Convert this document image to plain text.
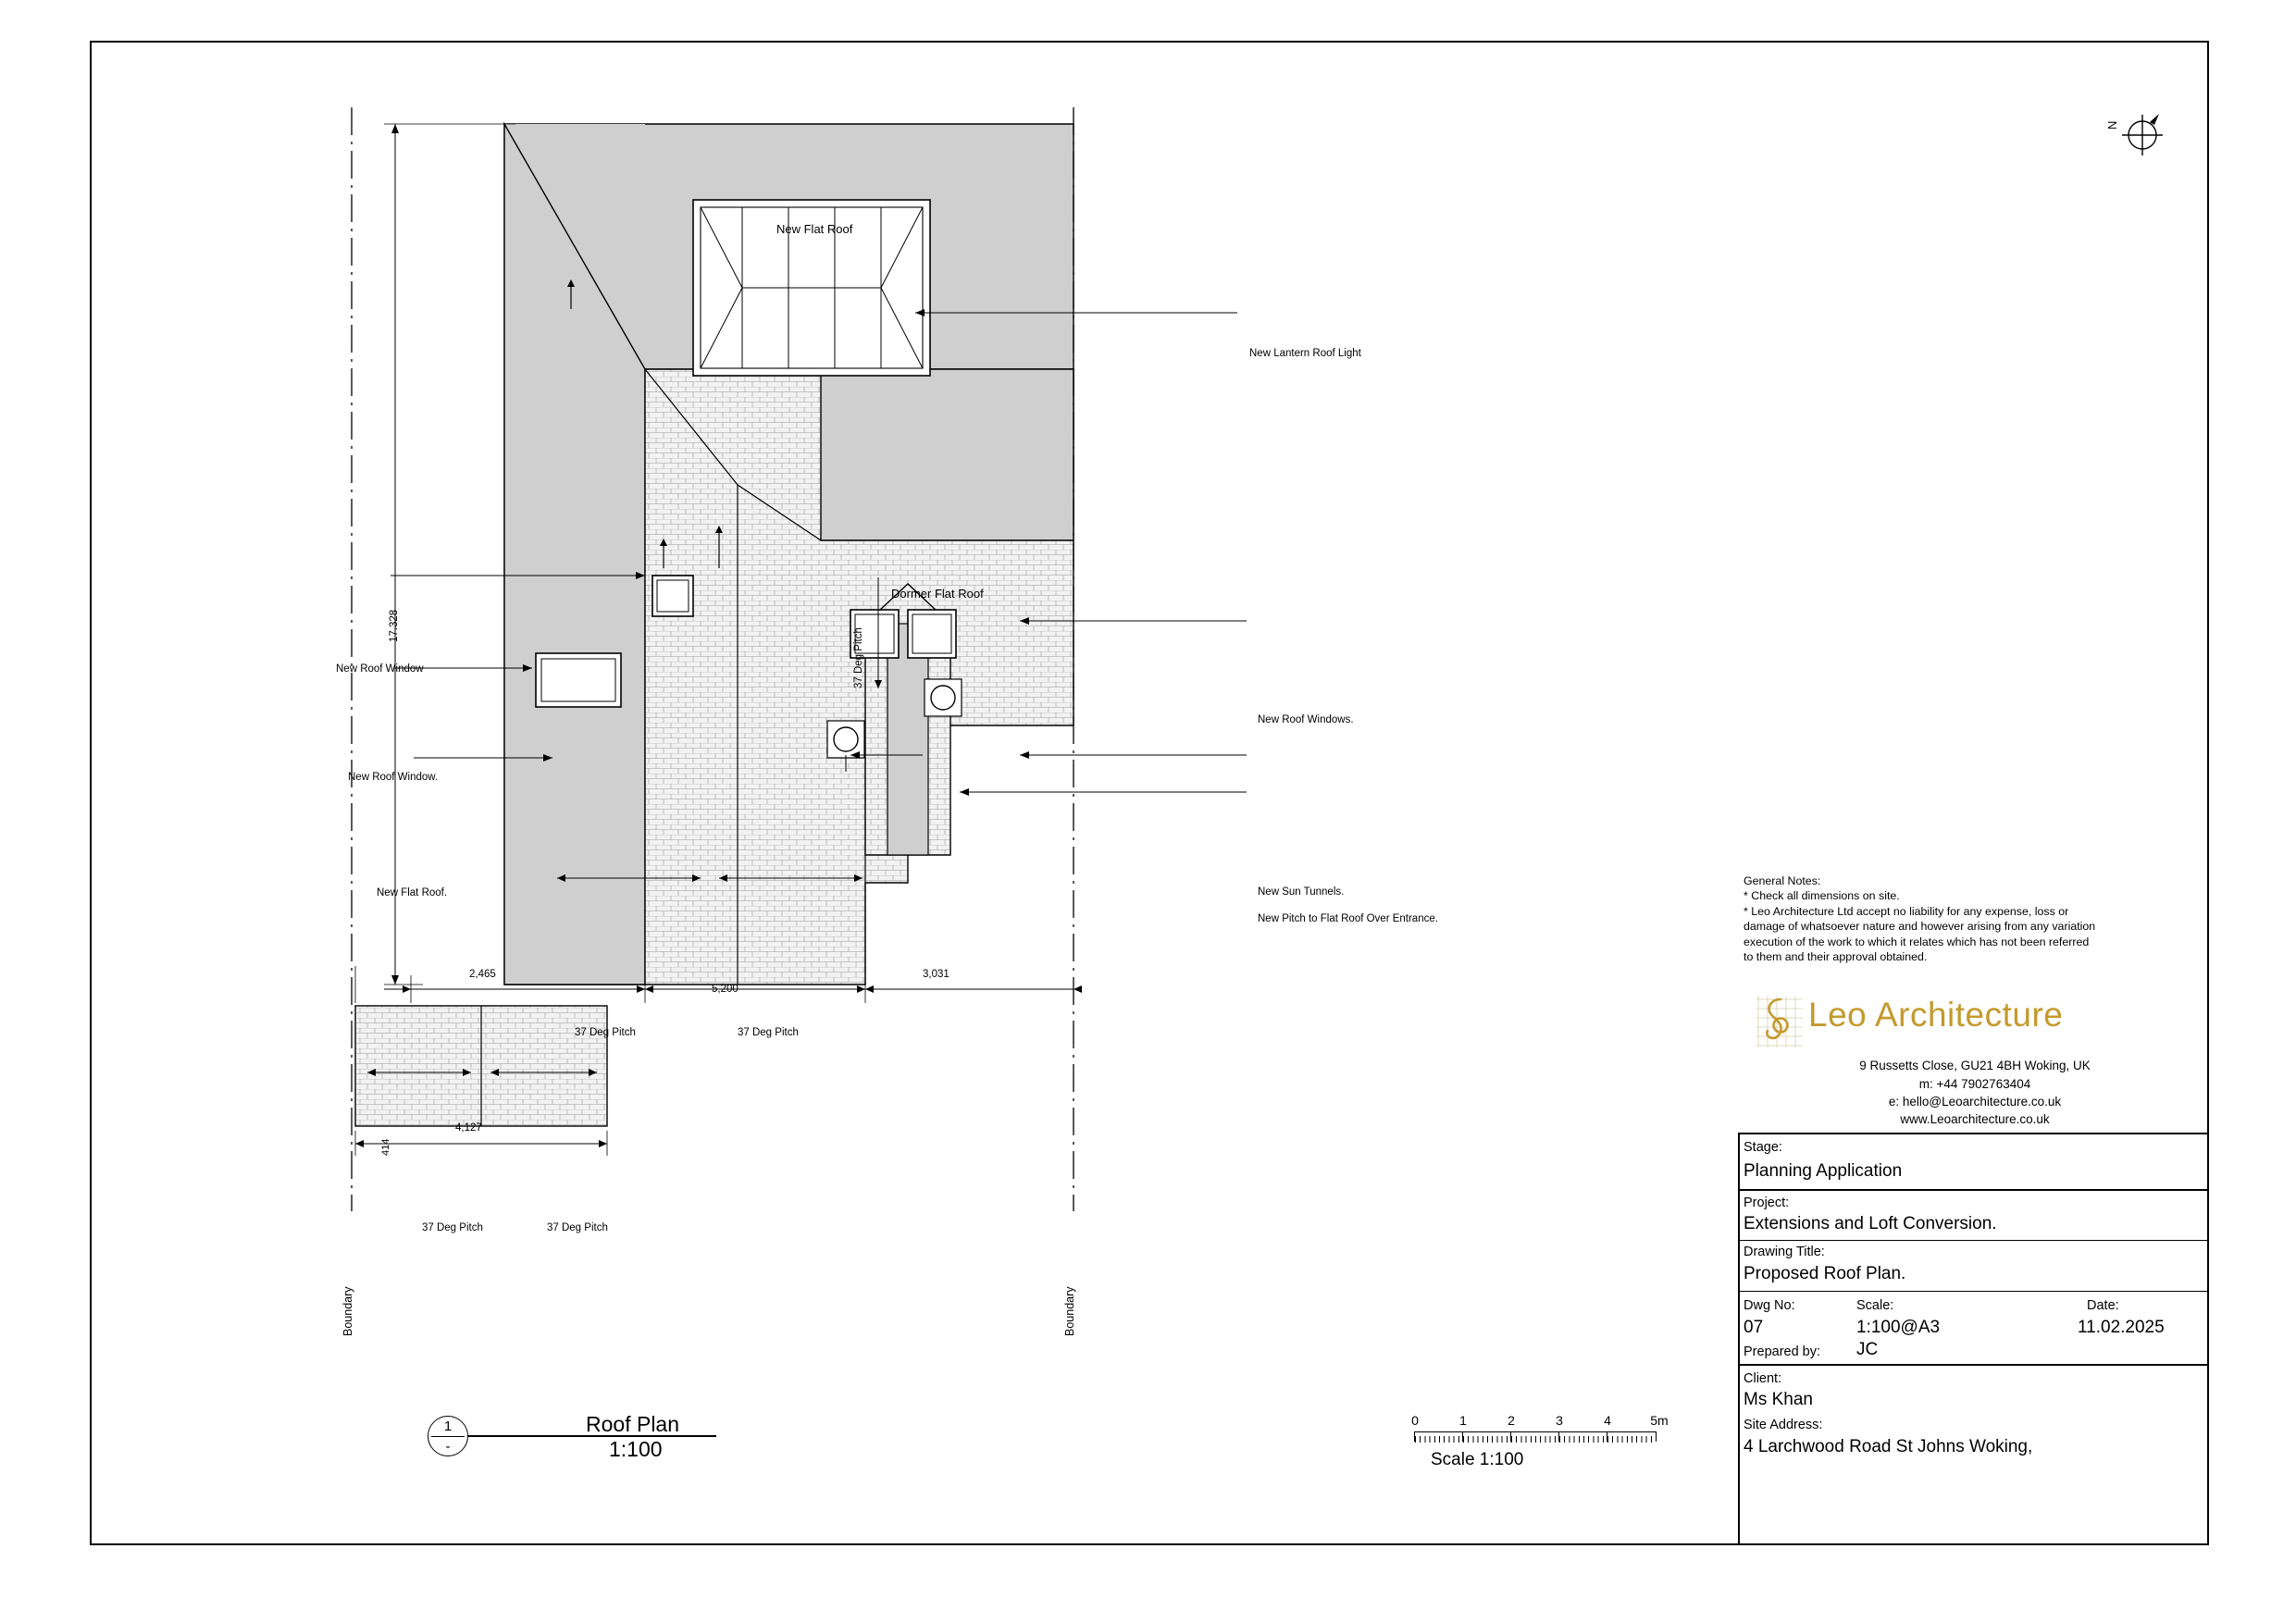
New Flat Roof
Dormer Flat Roof
New Lantern Roof Light
New Roof Windows.
New Sun Tunnels.
New Pitch to Flat Roof Over Entrance.
New Roof Window
New Roof Window.
New Flat Roof.
37 Deg Pitch	37 Deg Pitch
37 Deg Pitch	37 Deg Pitch
37 Deg Pitch
17.328
414
2,465
5,200
3,031
4,127
Boundary	Boundary
N
1
-
Roof Plan
1:100
0	1	2	3	4	5m
Scale 1:100
General Notes:
* Check all dimensions on site.
* Leo Architecture Ltd accept no liability for any expense, loss or
damage of whatsoever nature and however arising from any variation
execution of the work to which it relates which has not been referred
to them and their approval obtained.
Leo Architecture
9 Russetts Close, GU21 4BH Woking, UK
m: +44 7902763404
e: hello@Leoarchitecture.co.uk
www.Leoarchitecture.co.uk
Stage:
Planning Application
Project:
Extensions and Loft Conversion.
Drawing Title:
Proposed Roof Plan.
Dwg No:	Scale:	Date:
07	1:100@A3	11.02.2025
Prepared by: JC
Client:
Ms Khan
Site Address:
4 Larchwood Road St Johns Woking,
